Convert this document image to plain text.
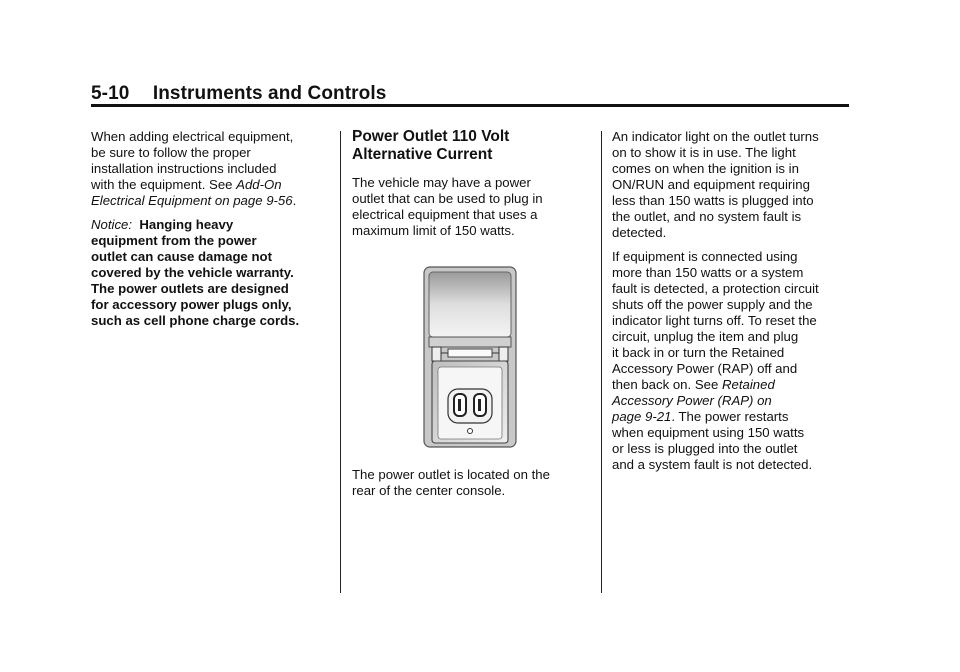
5-10 Instruments and Controls

When adding electrical equipment,
be sure to follow the proper
installation instructions included
with the equipment. See Add-On
Electrical Equipment on page 9-56.

Notice: Hanging heavy
equipment from the power
outlet can cause damage not
covered by the vehicle warranty.
The power outlets are designed
for accessory power plugs only,
such as cell phone charge cords.

Power Outlet 110 Volt
Alternative Current

The vehicle may have a power
outlet that can be used to plug in
electrical equipment that uses a
maximum limit of 150 watts.

The power outlet is located on the
rear of the center console.

An indicator light on the outlet turns
on to show it is in use. The light
comes on when the ignition is in
ON/RUN and equipment requiring
less than 150 watts is plugged into
the outlet, and no system fault is
detected.

If equipment is connected using
more than 150 watts or a system
fault is detected, a protection circuit
shuts off the power supply and the
indicator light turns off. To reset the
circuit, unplug the item and plug
it back in or turn the Retained
Accessory Power (RAP) off and
then back on. See Retained
Accessory Power (RAP) on
page 9-21. The power restarts
when equipment using 150 watts
or less is plugged into the outlet
and a system fault is not detected.
